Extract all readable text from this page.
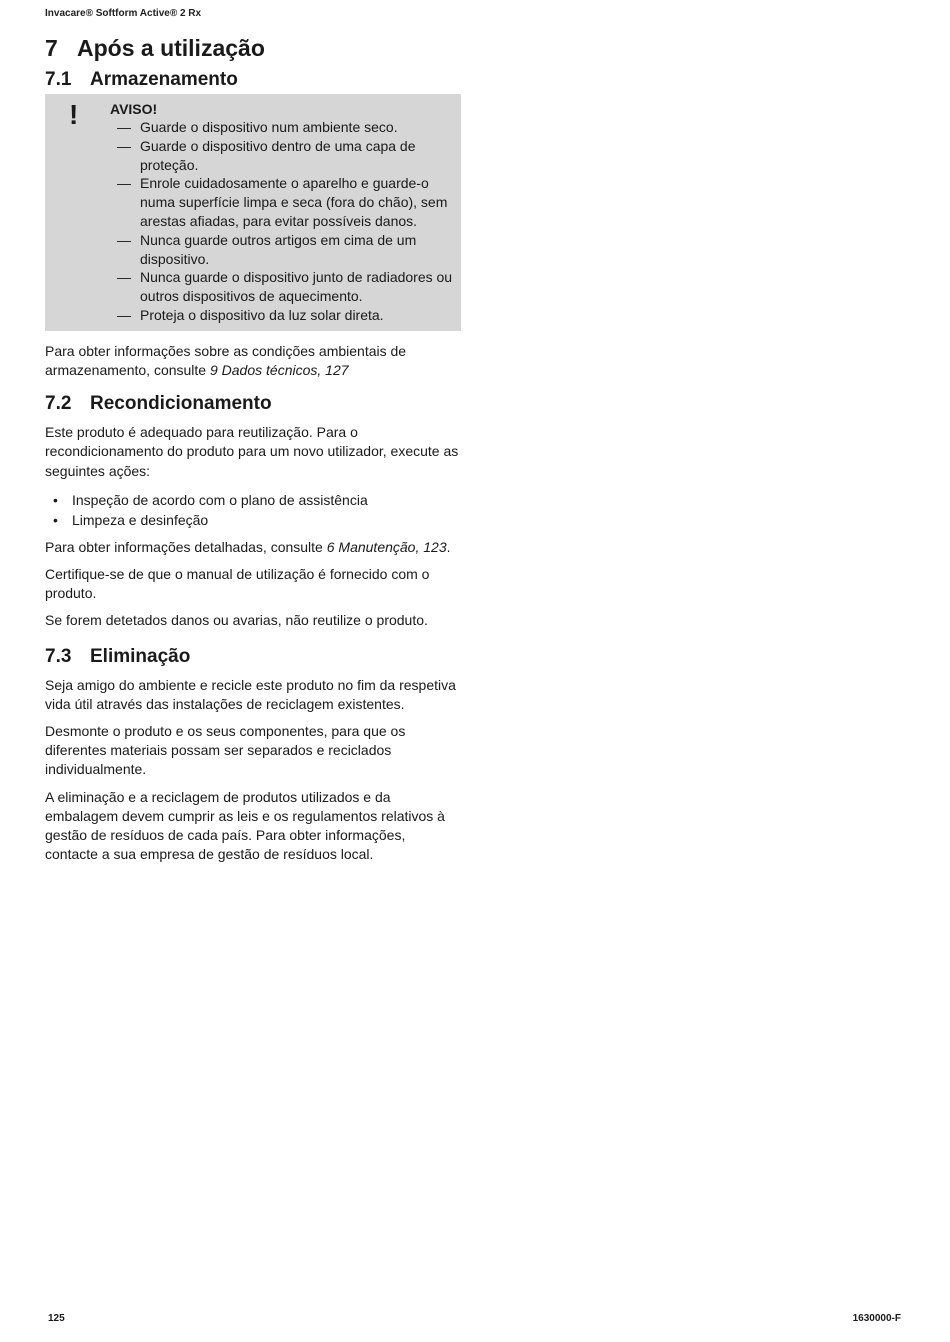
Invacare® Softform Active® 2 Rx
7 Após a utilização
7.1 Armazenamento
! AVISO!
— Guarde o dispositivo num ambiente seco.
— Guarde o dispositivo dentro de uma capa de proteção.
— Enrole cuidadosamente o aparelho e guarde-o numa superfície limpa e seca (fora do chão), sem arestas afiadas, para evitar possíveis danos.
— Nunca guarde outros artigos em cima de um dispositivo.
— Nunca guarde o dispositivo junto de radiadores ou outros dispositivos de aquecimento.
— Proteja o dispositivo da luz solar direta.

Para obter informações sobre as condições ambientais de armazenamento, consulte 9 Dados técnicos, 127

7.2 Recondicionamento

Este produto é adequado para reutilização. Para o recondicionamento do produto para um novo utilizador, execute as seguintes ações:

• Inspeção de acordo com o plano de assistência
• Limpeza e desinfeção

Para obter informações detalhadas, consulte 6 Manutenção, 123.

Certifique-se de que o manual de utilização é fornecido com o produto.

Se forem detetados danos ou avarias, não reutilize o produto.

7.3 Eliminação

Seja amigo do ambiente e recicle este produto no fim da respetiva vida útil através das instalações de reciclagem existentes.

Desmonte o produto e os seus componentes, para que os diferentes materiais possam ser separados e reciclados individualmente.

A eliminação e a reciclagem de produtos utilizados e da embalagem devem cumprir as leis e os regulamentos relativos à gestão de resíduos de cada país. Para obter informações, contacte a sua empresa de gestão de resíduos local.

125	1630000-F
